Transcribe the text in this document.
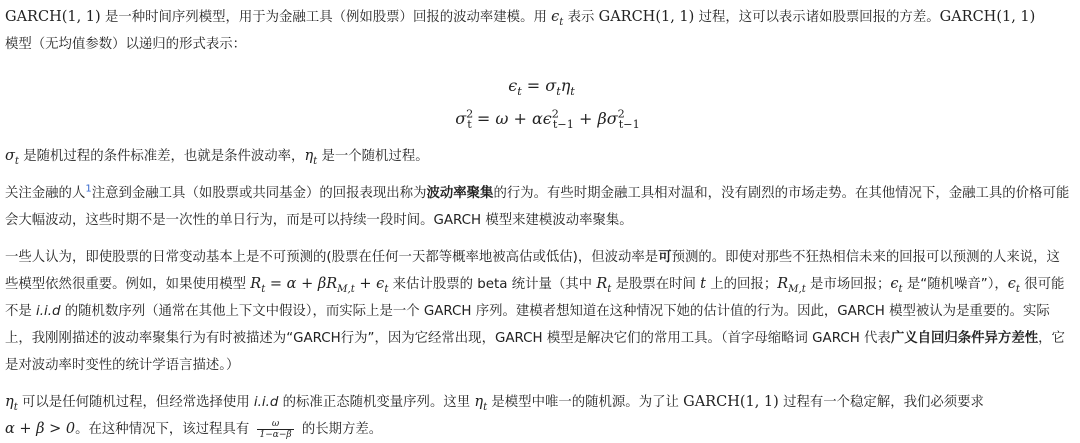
GARCH(1, 1) 是一种时间序列模型，用于为金融工具（例如股票）回报的波动率建模。用 $\epsilon_t$ 表示 GARCH(1, 1) 过程，这可以表示诸如股票回报的方差。GARCH(1, 1)
模型（无均值参数）以递归的形式表示：

$\epsilon_t = \sigma_t\eta_t$

$\sigma^2_t = \omega + \alpha\epsilon^2_{t-1} + \beta\sigma^2_{t-1}$

$\sigma_t$ 是随机过程的条件标准差，也就是条件波动率，$\eta_t$ 是一个随机过程。

关注金融的人$^1$注意到金融工具（如股票或共同基金）的回报表现出称为波动率聚集的行为。有些时期金融工具相对温和，没有剧烈的市场走势。在其他情况下，金融工具的价格可能会大幅波动，这些时期不是一次性的单日行为，而是可以持续一段时间。GARCH 模型来建模波动率聚集。

一些人认为，即使股票的日常变动基本上是不可预测的(股票在任何一天都等概率地被高估或低估)，但波动率是可预测的。即使对那些不狂热相信未来的回报可以预测的人来说，这些模型依然很重要。例如，如果使用模型 $R_t = \alpha + \beta R_{M,t} + \epsilon_t$ 来估计股票的 beta 统计量（其中 $R_t$ 是股票在时间 t 上的回报；$R_{M,t}$ 是市场回报；$\epsilon_t$ 是“随机噪音”），$\epsilon_t$ 很可能不是 i.i.d 的随机数序列（通常在其他上下文中假设），而实际上是一个 GARCH 序列。建模者想知道在这种情况下她的估计值的行为。因此，GARCH 模型被认为是重要的。实际上，我刚刚描述的波动率聚集行为有时被描述为“GARCH行为”，因为它经常出现，GARCH 模型是解决它们的常用工具。（首字母缩略词 GARCH 代表广义自回归条件异方差性，它是对波动率时变性的统计学语言描述。）

$\eta_t$ 可以是任何随机过程，但经常选择使用 i.i.d 的标准正态随机变量序列。这里 $\eta_t$ 是模型中唯一的随机源。为了让 GARCH(1, 1) 过程有一个稳定解，我们必须要求
α + β > 0。在这种情况下，该过程具有 $\frac{\omega}{1-\alpha-\beta}$ 的长期方差。
